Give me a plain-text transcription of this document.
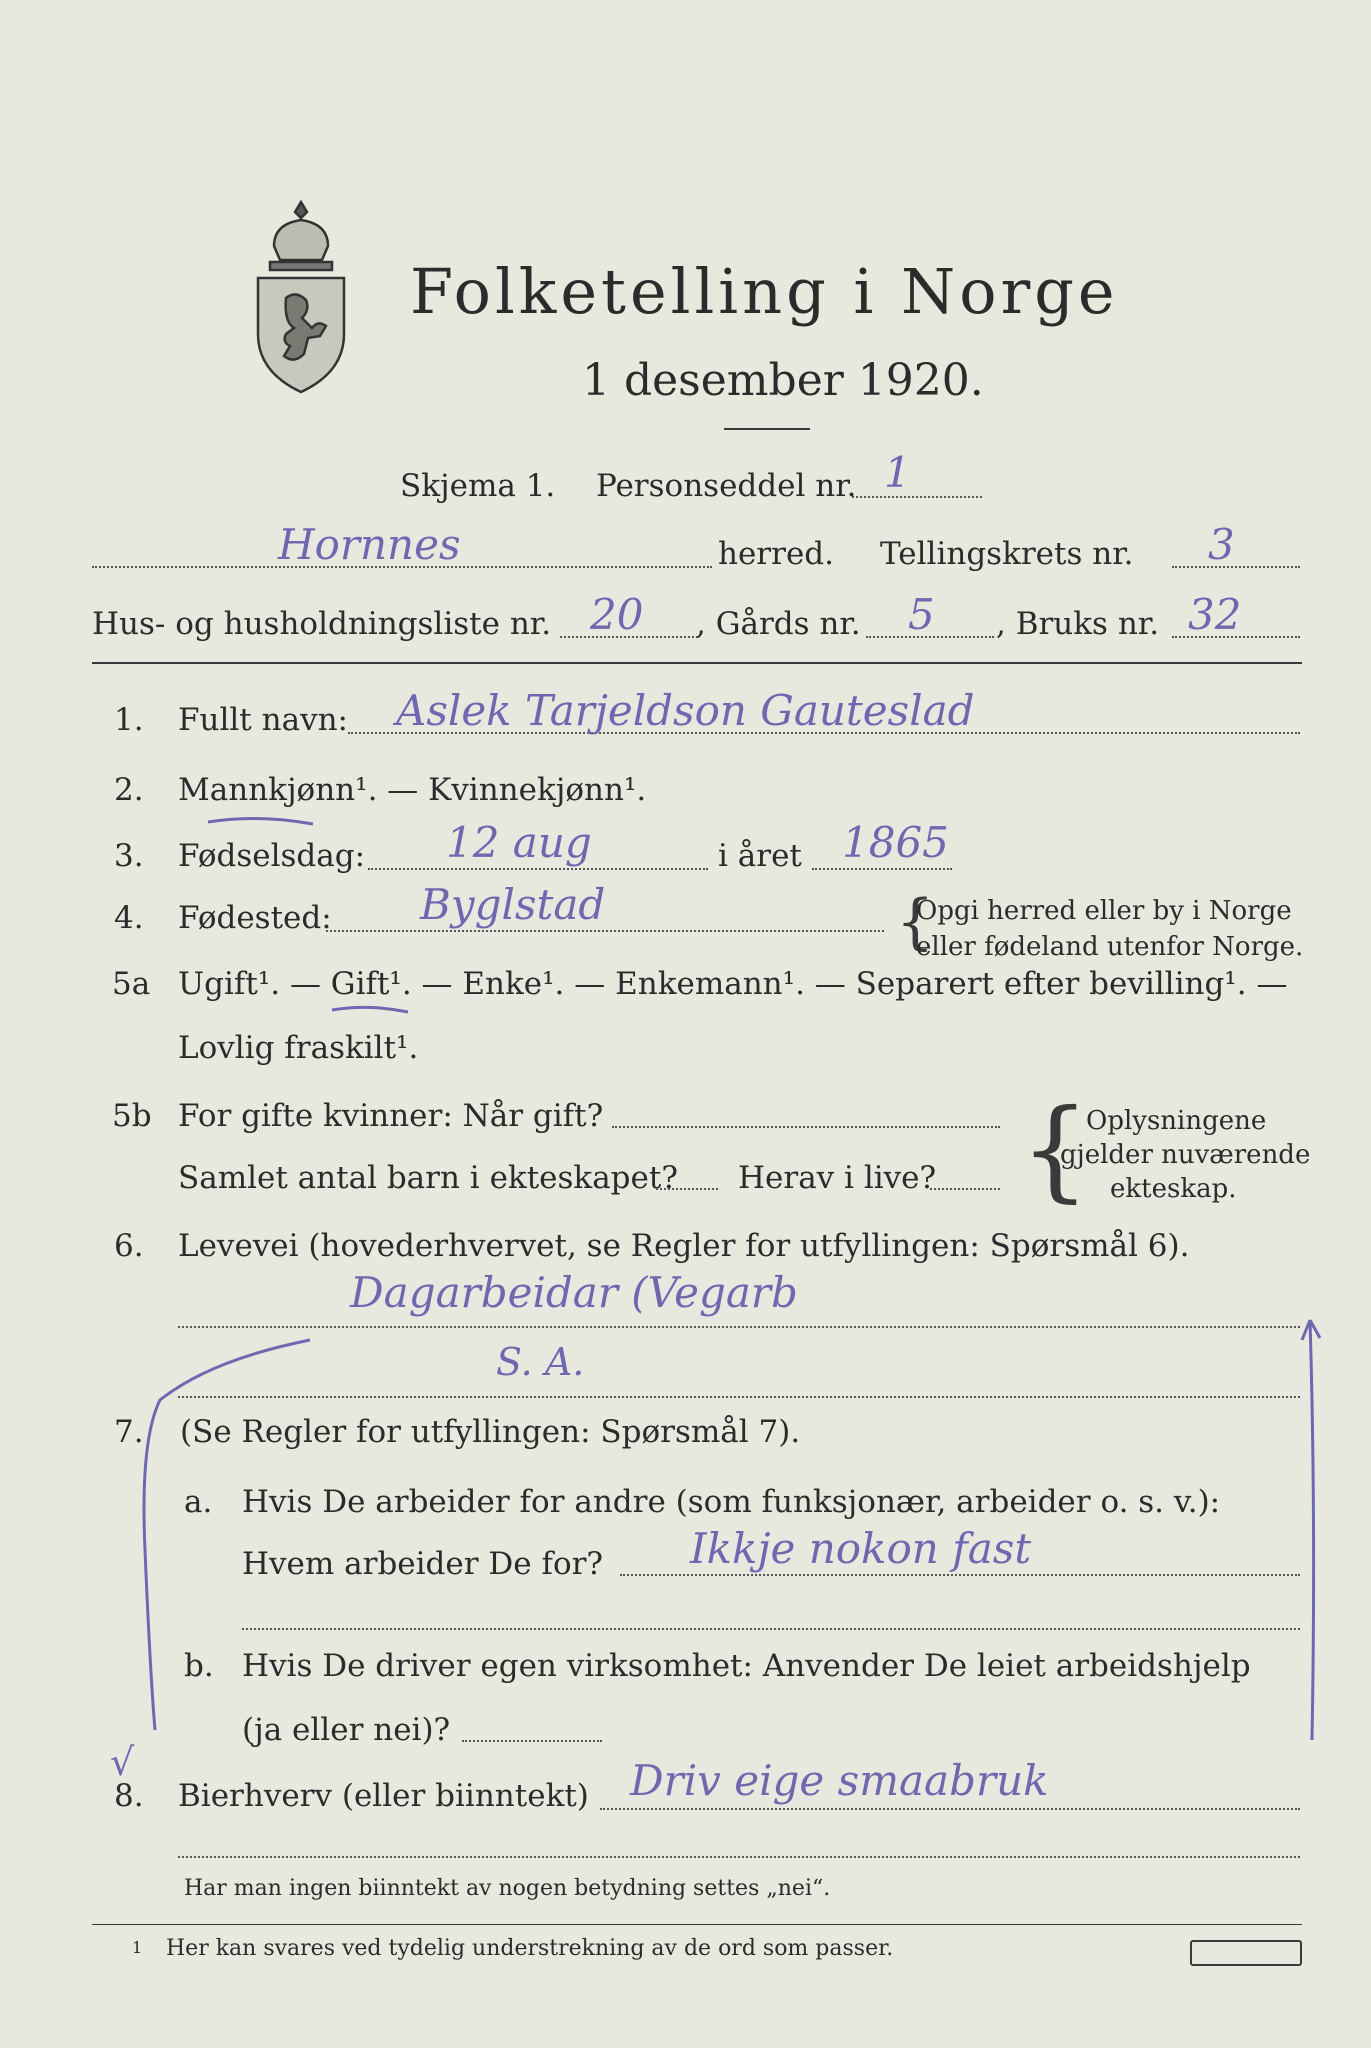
Folketelling i Norge
1 desember 1920.
Skjema 1. Personseddel nr. 1
Hornnes	herred. Tellingskrets nr. 3
Hus- og husholdningsliste nr. 20 , Gårds nr. 5 , Bruks nr. 32
1. Fullt navn: Aslek Tarjeldson Gauteslad
2. Mannkjønn¹. — Kvinnekjønn¹.
3. Fødselsdag: 12 aug	i året 1865
4. Fødested: Byglstad	{
Opgi herred eller by i Norge
eller fødeland utenfor Norge.
5a Ugift¹. — Gift¹. — Enke¹. — Enkemann¹. — Separert efter bevilling¹. —
Lovlig fraskilt¹.
5b For gifte kvinner: Når gift?
Samlet antal barn i ekteskapet? Herav i live? {
Oplysningene
gjelder nuværende
ekteskap.
6. Levevei (hovederhvervet, se Regler for utfyllingen: Spørsmål 6).
Dagarbeidar (Vegarb
S. A.
7. (Se Regler for utfyllingen: Spørsmål 7).
a. Hvis De arbeider for andre (som funksjonær, arbeider o. s. v.):
Hvem arbeider De for? Ikkje nokon fast
b. Hvis De driver egen virksomhet: Anvender De leiet arbeidshjelp
(ja eller nei)?
√
8. Bierhverv (eller biinntekt) Driv eige smaabruk
Har man ingen biinntekt av nogen betydning settes „nei“.
1 Her kan svares ved tydelig understrekning av de ord som passer.
